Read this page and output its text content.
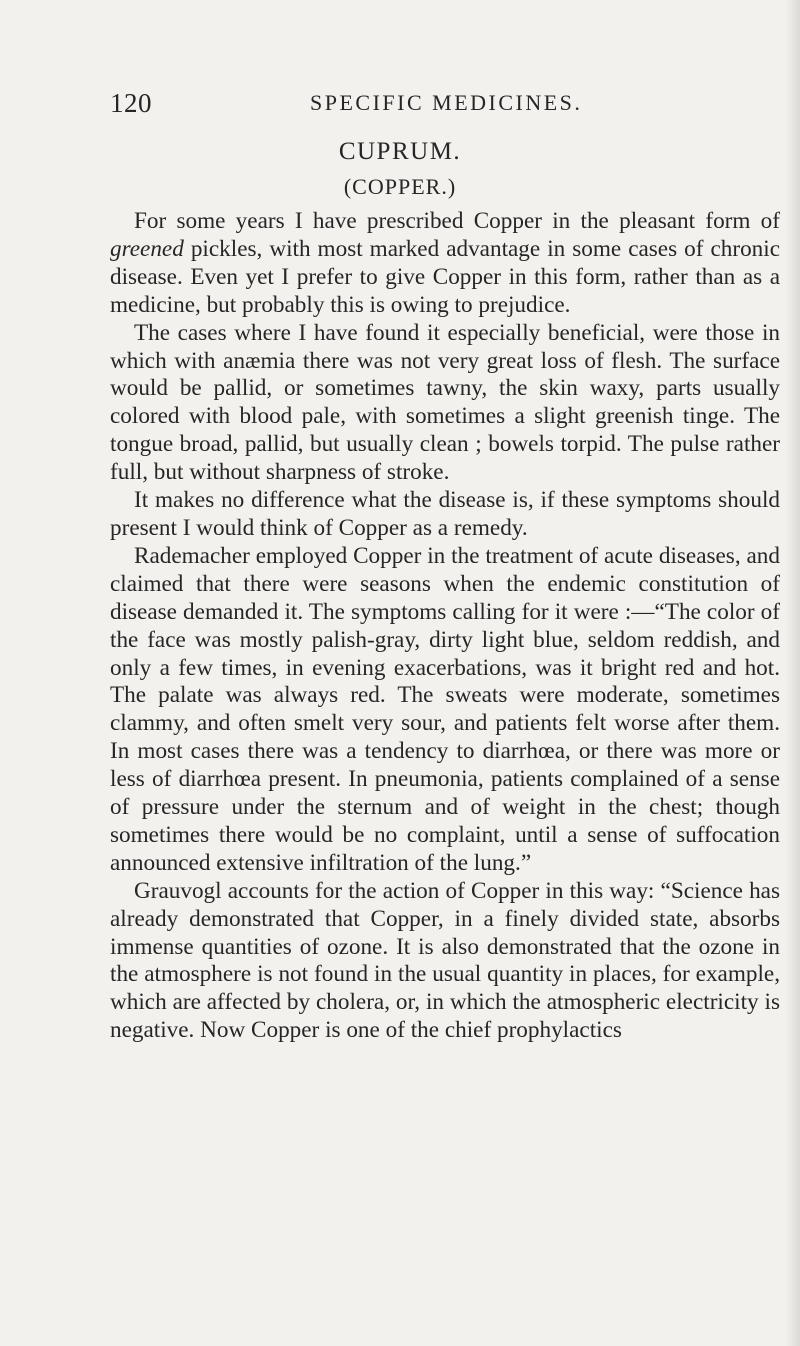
120	SPECIFIC MEDICINES.
CUPRUM.
(COPPER.)

For some years I have prescribed Copper in the pleasant form of greened pickles, with most marked advantage in some cases of chronic disease. Even yet I prefer to give Copper in this form, rather than as a medicine, but probably this is owing to prejudice.

The cases where I have found it especially beneficial, were those in which with anæmia there was not very great loss of flesh. The surface would be pallid, or sometimes tawny, the skin waxy, parts usually colored with blood pale, with sometimes a slight greenish tinge. The tongue broad, pallid, but usually clean ; bowels torpid. The pulse rather full, but without sharpness of stroke.

It makes no difference what the disease is, if these symptoms should present I would think of Copper as a remedy.

Rademacher employed Copper in the treatment of acute diseases, and claimed that there were seasons when the endemic constitution of disease demanded it. The symptoms calling for it were :—“The color of the face was mostly palish-gray, dirty light blue, seldom reddish, and only a few times, in evening exacerbations, was it bright red and hot. The palate was always red. The sweats were moderate, sometimes clammy, and often smelt very sour, and patients felt worse after them. In most cases there was a tendency to diarrhœa, or there was more or less of diarrhœa present. In pneumonia, patients complained of a sense of pressure under the sternum and of weight in the chest; though sometimes there would be no complaint, until a sense of suffocation announced extensive infiltration of the lung.”

Grauvogl accounts for the action of Copper in this way: “Science has already demonstrated that Copper, in a finely divided state, absorbs immense quantities of ozone. It is also demonstrated that the ozone in the atmosphere is not found in the usual quantity in places, for example, which are affected by cholera, or, in which the atmospheric electricity is negative. Now Copper is one of the chief prophylactics
